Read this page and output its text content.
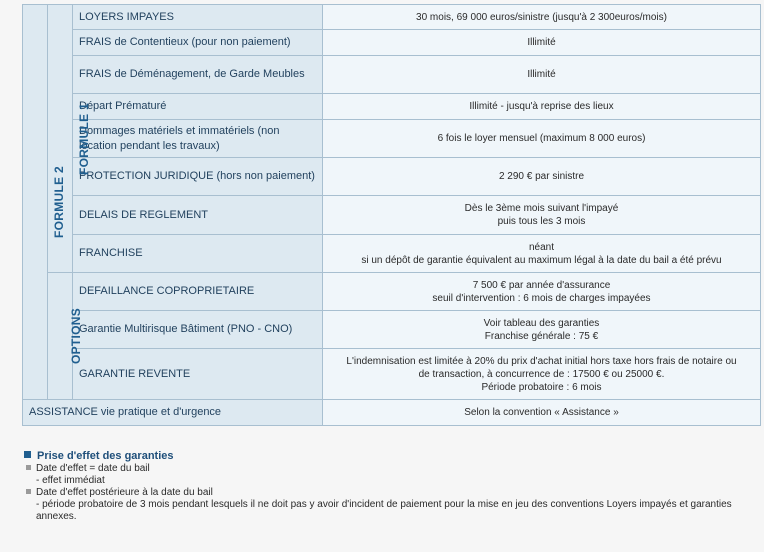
FORMULE 2	FORMULE 1	LOYERS IMPAYES	30 mois, 69 000 euros/sinistre (jusqu'à 2 300euros/mois)

		FRAIS de Contentieux (pour non paiement)	Illimité

		FRAIS de Déménagement, de Garde Meubles	Illimité

		Départ Prématuré	Illimité - jusqu'à reprise des lieux

		Dommages matériels et immatériels (non location pendant les travaux)	6 fois le loyer mensuel (maximum 8 000 euros)

		PROTECTION JURIDIQUE (hors non paiement)	2 290 € par sinistre

		DELAIS DE REGLEMENT	Dès le 3ème mois suivant l'impayé
puis tous les 3 mois

		FRANCHISE	néant
si un dépôt de garantie équivalent au maximum légal à la date du bail a été prévu

	OPTIONS	DEFAILLANCE COPROPRIETAIRE	7 500 € par année d'assurance
seuil d'intervention : 6 mois de charges impayées

		Garantie Multirisque Bâtiment (PNO - CNO)	Voir tableau des garanties
Franchise générale : 75 €

		GARANTIE REVENTE	L'indemnisation est limitée à 20% du prix d'achat initial hors taxe hors frais de notaire ou
de transaction, à concurrence de : 17500 € ou 25000 €.
Période probatoire : 6 mois

ASSISTANCE vie pratique et d'urgence			Selon la convention « Assistance »
Prise d'effet des garanties
Date d'effet = date du bail
- effet immédiat
Date d'effet postérieure à la date du bail
- période probatoire de 3 mois pendant lesquels il ne doit pas y avoir d'incident de paiement pour la mise en jeu des conventions Loyers impayés et garanties annexes.
